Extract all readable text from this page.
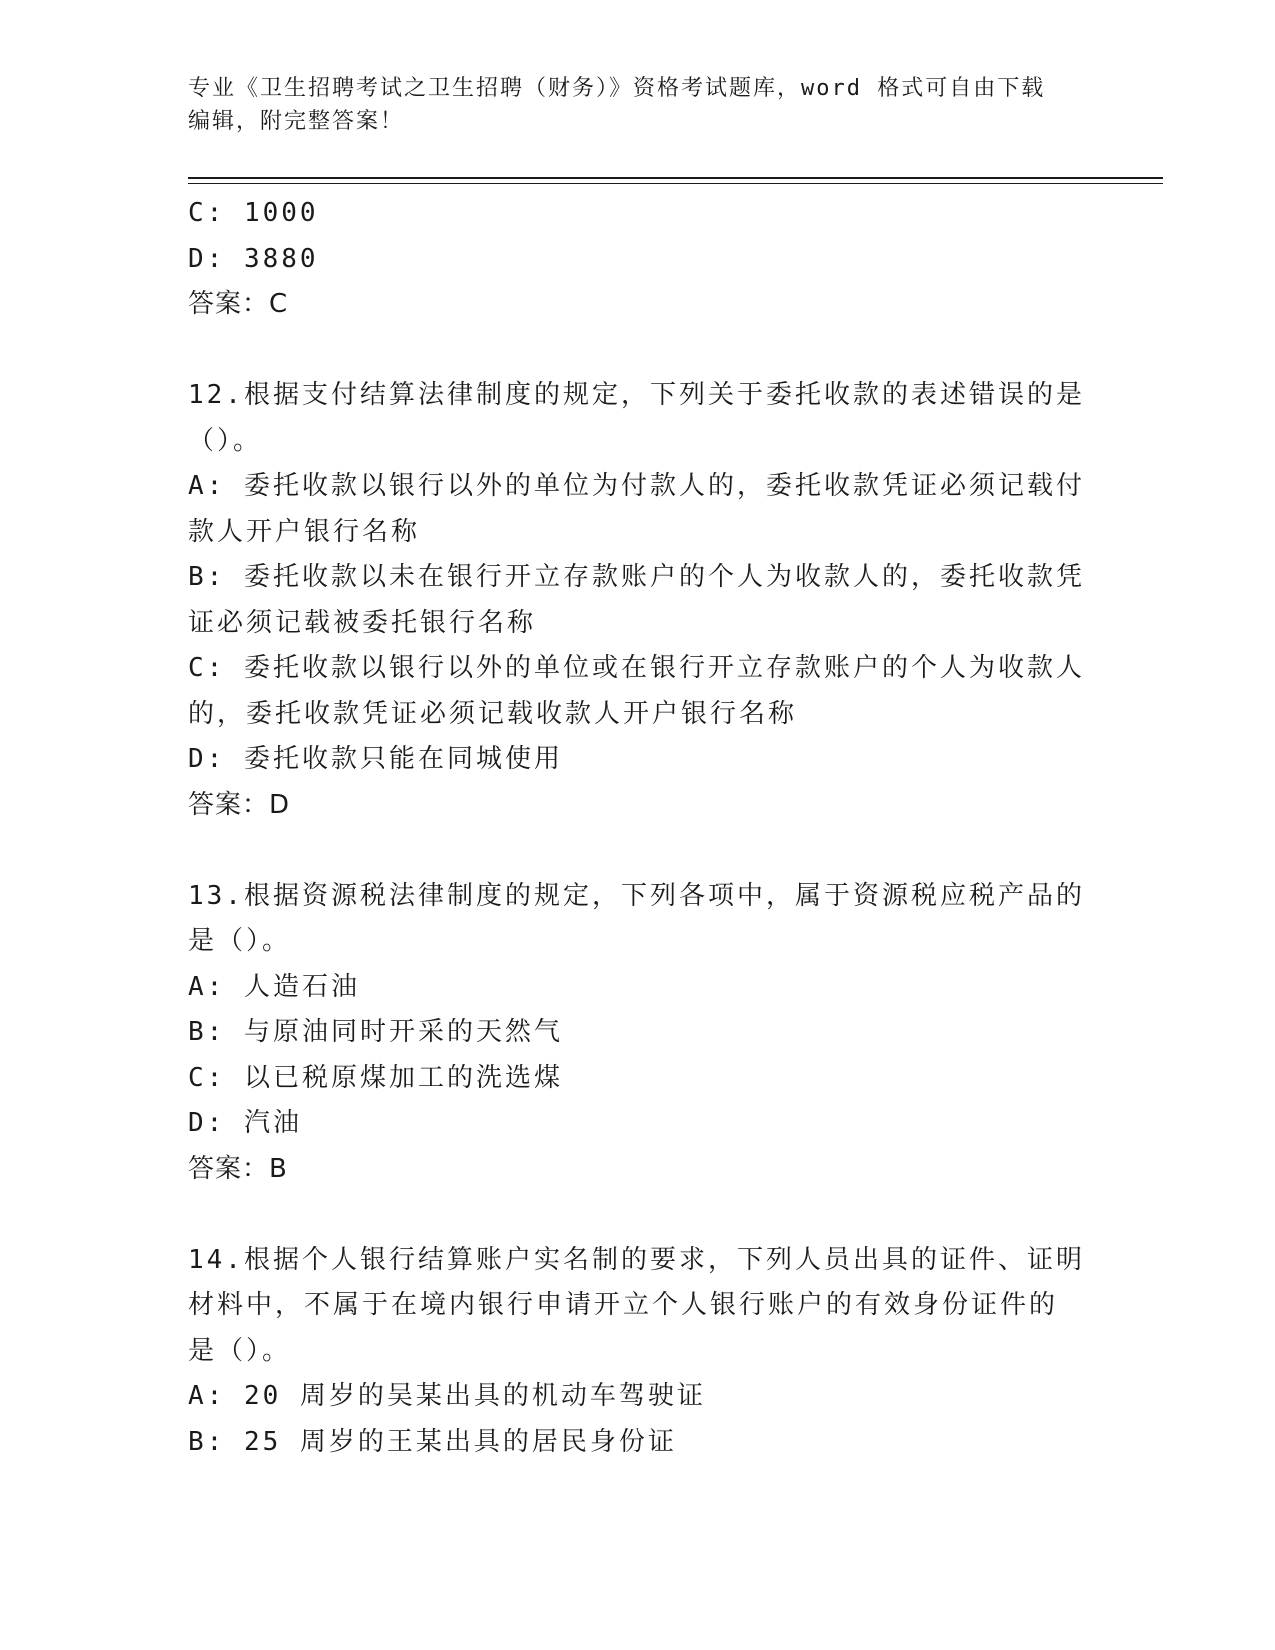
专业《卫生招聘考试之卫生招聘（财务）》资格考试题库，word 格式可自由下载
编辑，附完整答案！
C: 1000
D: 3880
答案：C
12.根据支付结算法律制度的规定，下列关于委托收款的表述错误的是
（）。
A: 委托收款以银行以外的单位为付款人的，委托收款凭证必须记载付
款人开户银行名称
B: 委托收款以未在银行开立存款账户的个人为收款人的，委托收款凭
证必须记载被委托银行名称
C: 委托收款以银行以外的单位或在银行开立存款账户的个人为收款人
的，委托收款凭证必须记载收款人开户银行名称
D: 委托收款只能在同城使用
答案：D
13.根据资源税法律制度的规定，下列各项中，属于资源税应税产品的
是（）。
A: 人造石油
B: 与原油同时开采的天然气
C: 以已税原煤加工的洗选煤
D: 汽油
答案：B
14.根据个人银行结算账户实名制的要求，下列人员出具的证件、证明
材料中，不属于在境内银行申请开立个人银行账户的有效身份证件的
是（）。
A: 20 周岁的吴某出具的机动车驾驶证
B: 25 周岁的王某出具的居民身份证
